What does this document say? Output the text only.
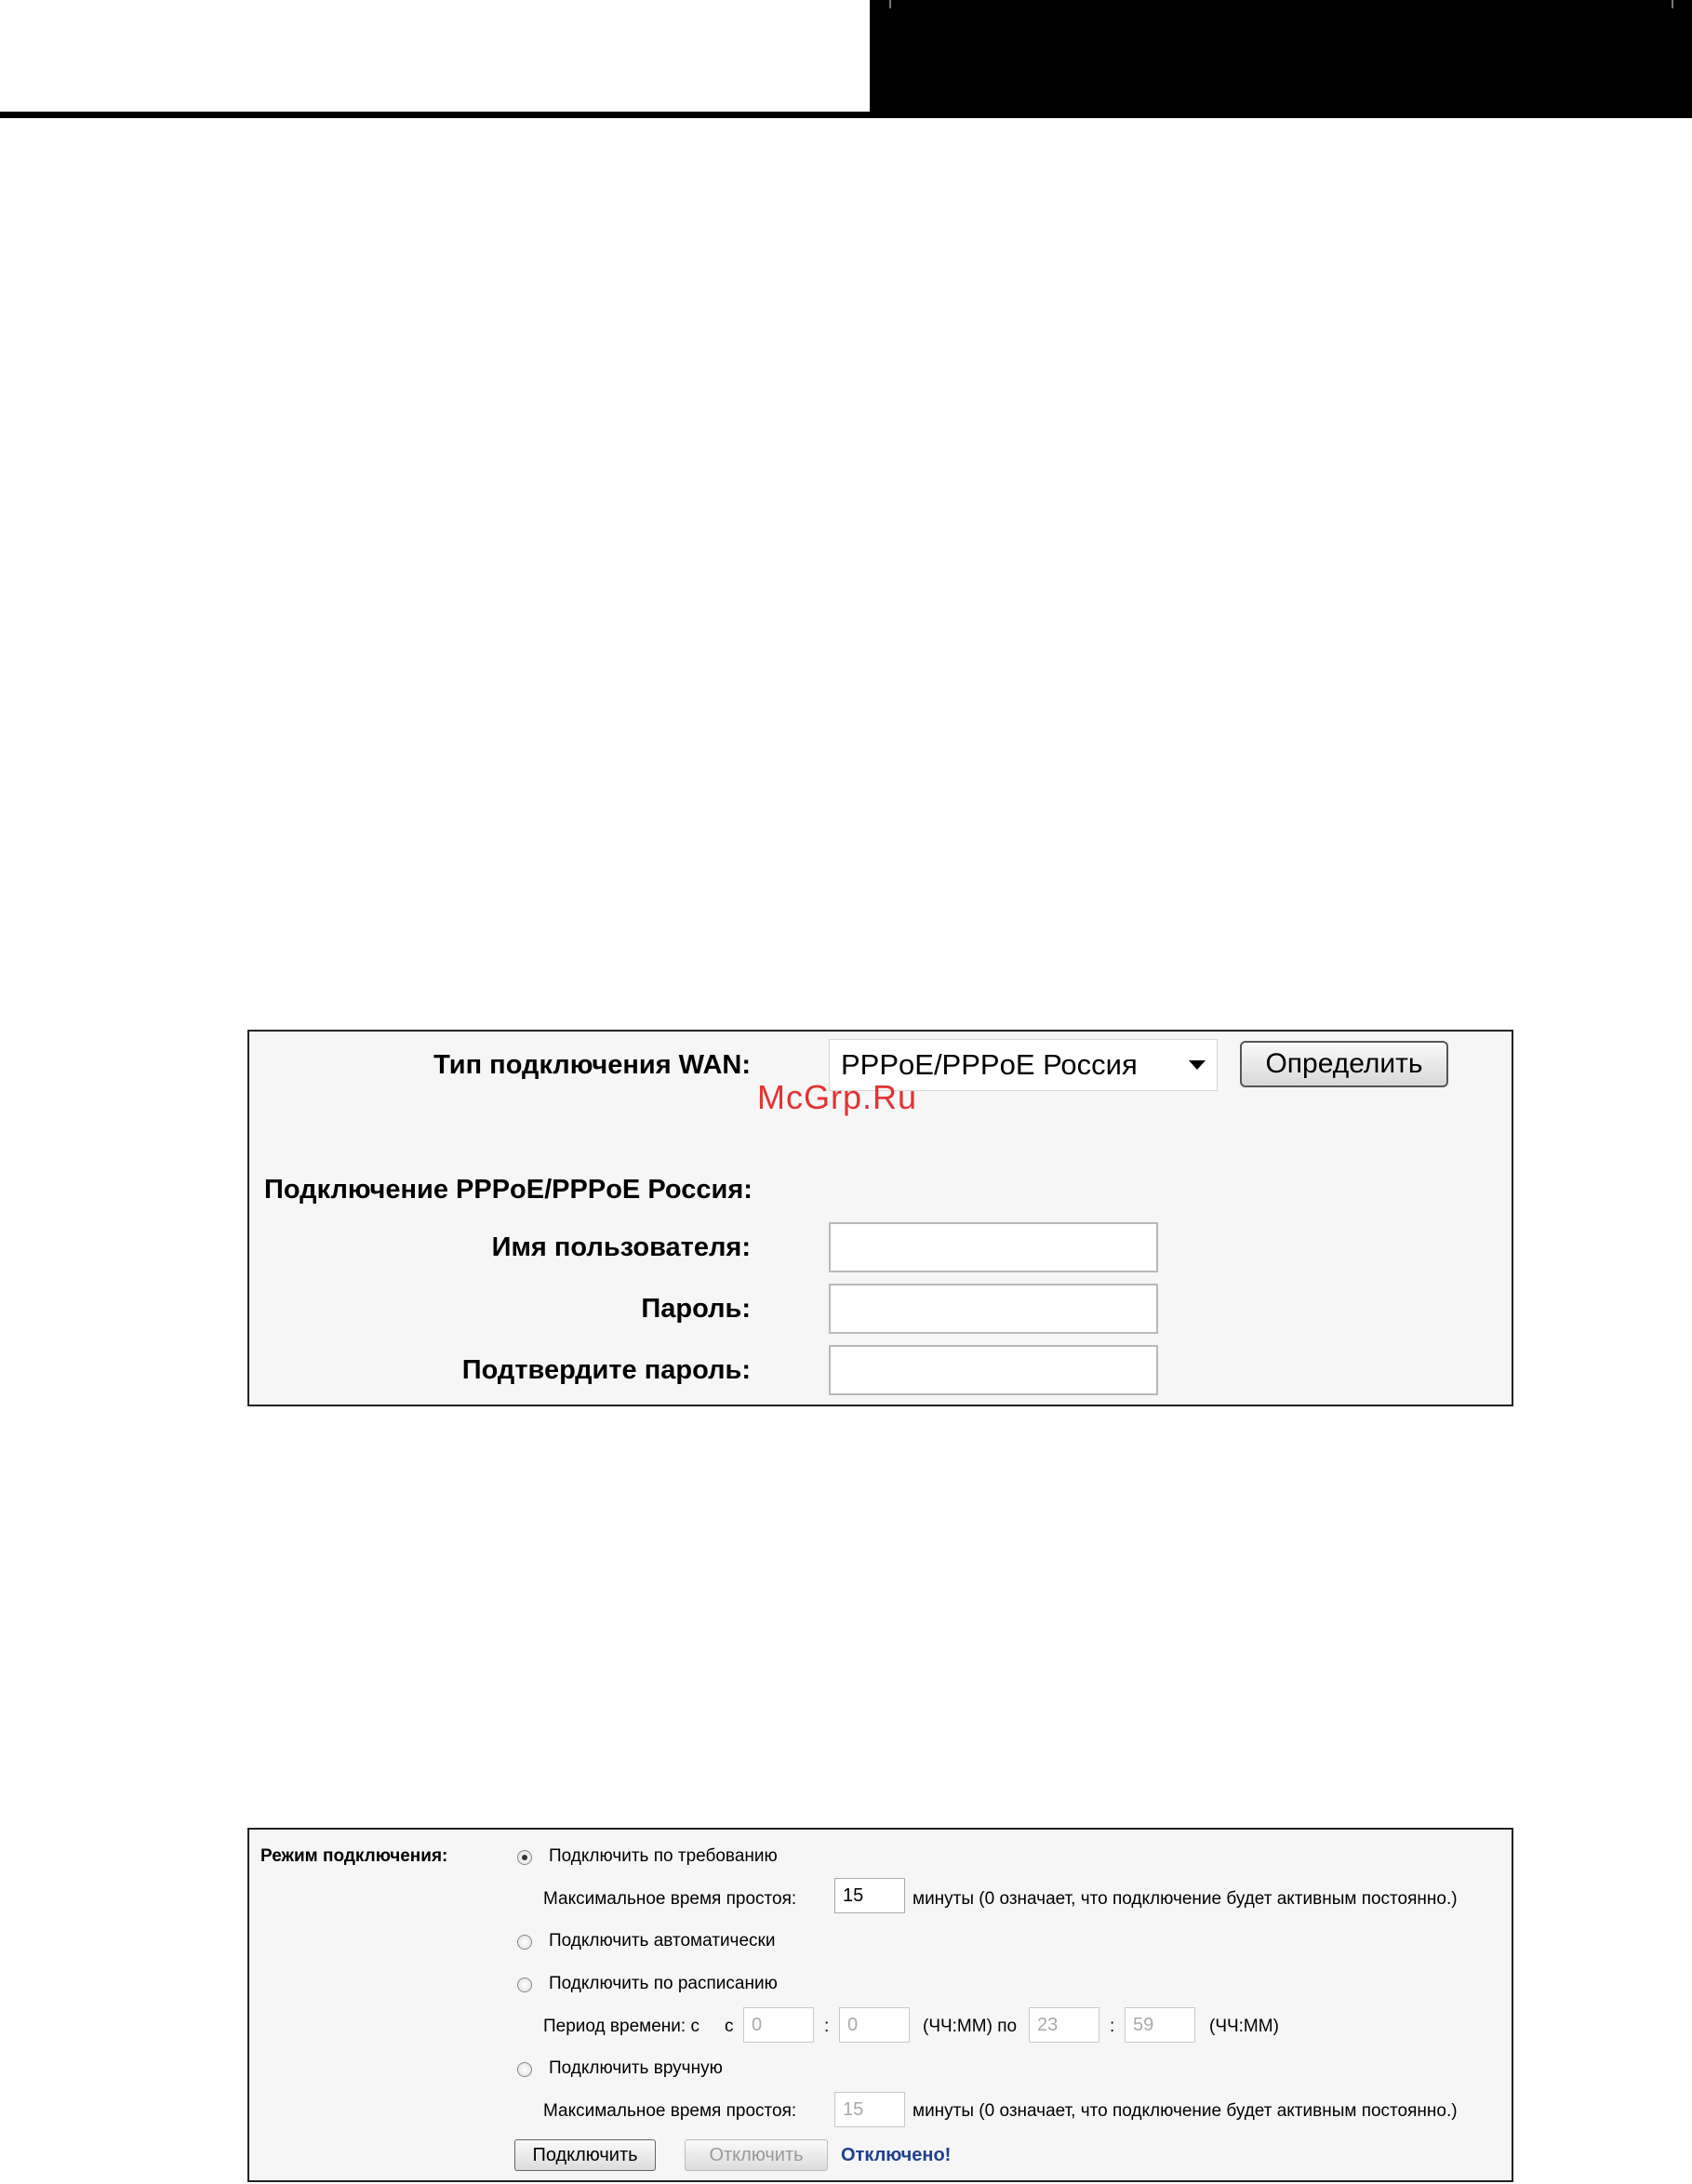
Тип подключения WAN:	PPPoE/PPPoE Россия	Определить
McGrp.Ru
Подключение PPPoE/PPPoE Россия:
Имя пользователя:
Пароль:
Подтвердите пароль:
Режим подключения:	Подключить по требованию
Максимальное время простоя:	15	минуты (0 означает, что подключение будет активным постоянно.)
Подключить автоматически
Подключить по расписанию
Период времени: с с 0	: 0	(ЧЧ:ММ) по	23	: 59	(ЧЧ:ММ)
Подключить вручную
Максимальное время простоя:	15	минуты (0 означает, что подключение будет активным постоянно.)
Подключить	Отключить	Отключено!
